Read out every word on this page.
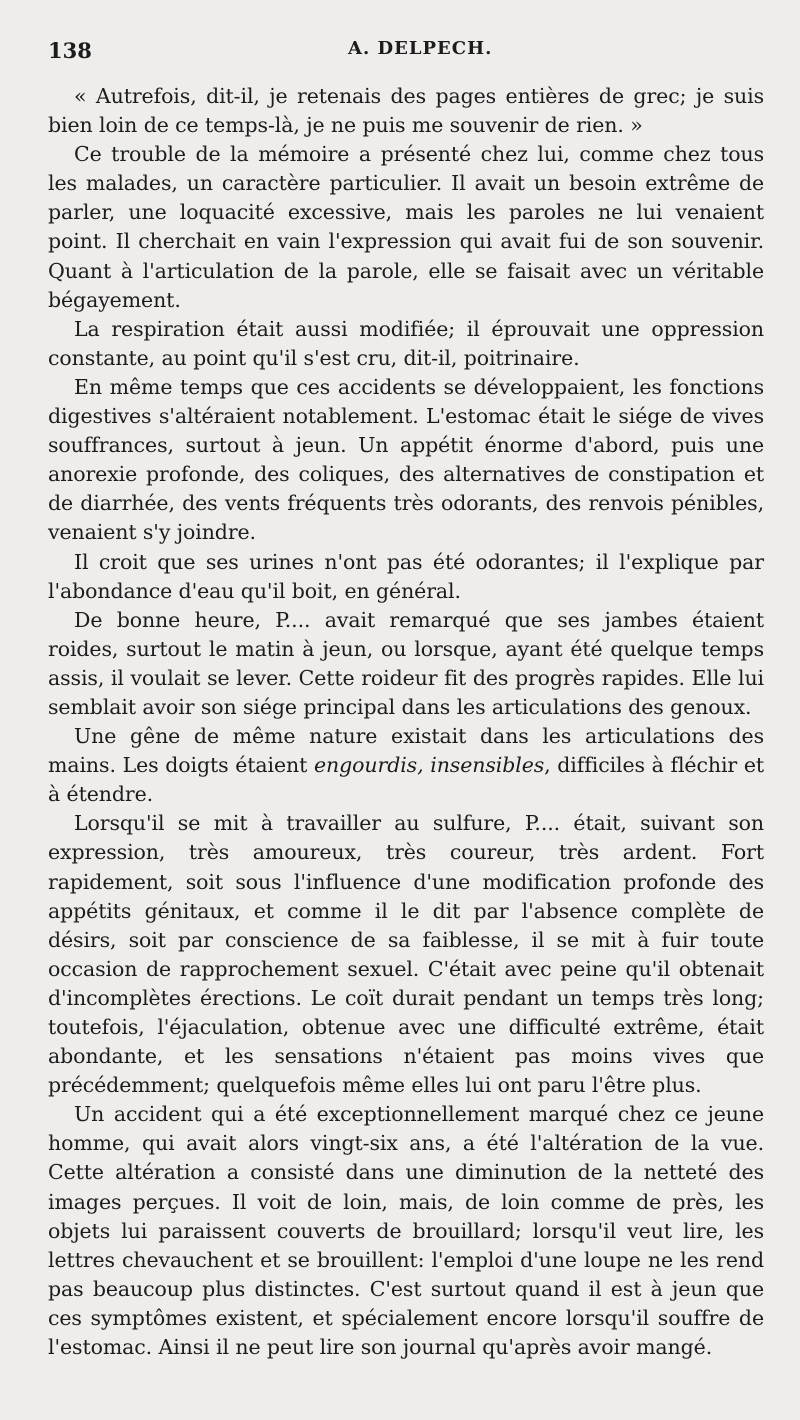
138	A. DELPECH.

« Autrefois, dit-il, je retenais des pages entières de grec; je suis bien loin de ce temps-là, je ne puis me souvenir de rien. »

Ce trouble de la mémoire a présenté chez lui, comme chez tous les malades, un caractère particulier. Il avait un besoin extrême de parler, une loquacité excessive, mais les paroles ne lui venaient point. Il cherchait en vain l'expression qui avait fui de son souvenir. Quant à l'articulation de la parole, elle se faisait avec un véritable bégayement.

La respiration était aussi modifiée; il éprouvait une oppression constante, au point qu'il s'est cru, dit-il, poitrinaire.

En même temps que ces accidents se développaient, les fonctions digestives s'altéraient notablement. L'estomac était le siége de vives souffrances, surtout à jeun. Un appétit énorme d'abord, puis une anorexie profonde, des coliques, des alternatives de constipation et de diarrhée, des vents fréquents très odorants, des renvois pénibles, venaient s'y joindre.

Il croit que ses urines n'ont pas été odorantes; il l'explique par l'abondance d'eau qu'il boit, en général.

De bonne heure, P.... avait remarqué que ses jambes étaient roides, surtout le matin à jeun, ou lorsque, ayant été quelque temps assis, il voulait se lever. Cette roideur fit des progrès rapides. Elle lui semblait avoir son siége principal dans les articulations des genoux.

Une gêne de même nature existait dans les articulations des mains. Les doigts étaient engourdis, insensibles, difficiles à fléchir et à étendre.

Lorsqu'il se mit à travailler au sulfure, P.... était, suivant son expression, très amoureux, très coureur, très ardent. Fort rapidement, soit sous l'influence d'une modification profonde des appétits génitaux, et comme il le dit par l'absence complète de désirs, soit par conscience de sa faiblesse, il se mit à fuir toute occasion de rapprochement sexuel. C'était avec peine qu'il obtenait d'incomplètes érections. Le coït durait pendant un temps très long; toutefois, l'éjaculation, obtenue avec une difficulté extrême, était abondante, et les sensations n'étaient pas moins vives que précédemment; quelquefois même elles lui ont paru l'être plus.

Un accident qui a été exceptionnellement marqué chez ce jeune homme, qui avait alors vingt-six ans, a été l'altération de la vue. Cette altération a consisté dans une diminution de la netteté des images perçues. Il voit de loin, mais, de loin comme de près, les objets lui paraissent couverts de brouillard; lorsqu'il veut lire, les lettres chevauchent et se brouillent: l'emploi d'une loupe ne les rend pas beaucoup plus distinctes. C'est surtout quand il est à jeun que ces symptômes existent, et spécialement encore lorsqu'il souffre de l'estomac. Ainsi il ne peut lire son journal qu'après avoir mangé.
